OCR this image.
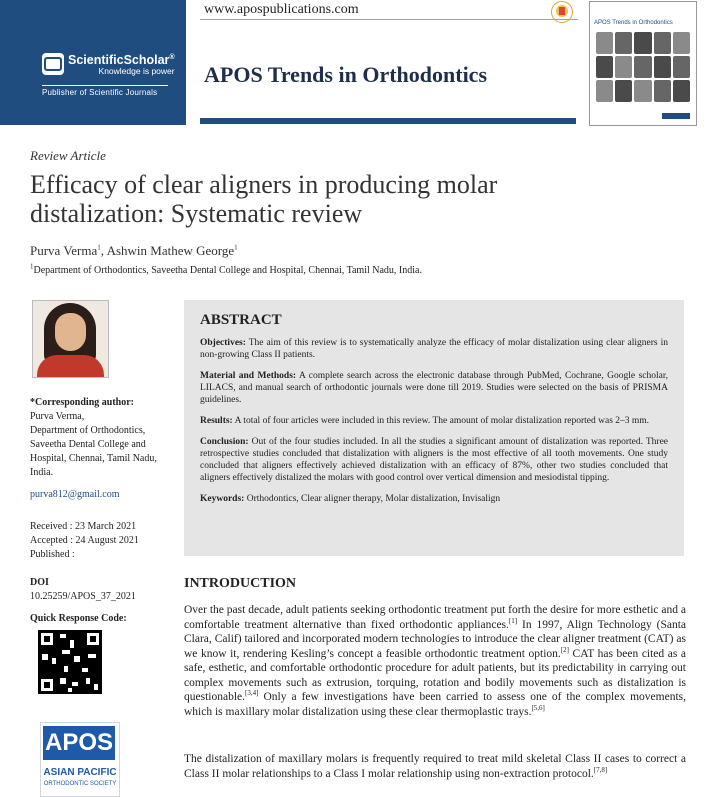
ScientificScholar®
Knowledge is power
Publisher of Scientific Journals
www.apospublications.com
APOS Trends in Orthodontics
APOS Trends in Orthodontics
Review Article
Efficacy of clear aligners in producing molar distalization: Systematic review
Purva Verma$^1$, Ashwin Mathew George$^1$
$^1$Department of Orthodontics, Saveetha Dental College and Hospital, Chennai, Tamil Nadu, India.
*Corresponding author:
Purva Verma,
Department of Orthodontics,
Saveetha Dental College and
Hospital, Chennai, Tamil Nadu,
India.
purva812@gmail.com
Received : 23 March 2021
Accepted : 24 August 2021
Published :
DOI
10.25259/APOS_37_2021
Quick Response Code:
APOS
ASIAN PACIFIC
ORTHODONTIC SOCIETY
ABSTRACT

Objectives: The aim of this review is to systematically analyze the efficacy of molar distalization using clear aligners in non-growing Class II patients.

Material and Methods: A complete search across the electronic database through PubMed, Cochrane, Google scholar, LILACS, and manual search of orthodontic journals were done till 2019. Studies were selected on the basis of PRISMA guidelines.

Results: A total of four articles were included in this review. The amount of molar distalization reported was 2–3 mm.

Conclusion: Out of the four studies included. In all the studies a significant amount of distalization was reported. Three retrospective studies concluded that distalization with aligners is the most effective of all tooth movements. One study concluded that aligners effectively achieved distalization with an efficacy of 87%, other two studies concluded that aligners effectively distalized the molars with good control over vertical dimension and mesiodistal tipping.

Keywords: Orthodontics, Clear aligner therapy, Molar distalization, Invisalign

INTRODUCTION

Over the past decade, adult patients seeking orthodontic treatment put forth the desire for more esthetic and a comfortable treatment alternative than fixed orthodontic appliances.[1] In 1997, Align Technology (Santa Clara, Calif) tailored and incorporated modern technologies to introduce the clear aligner treatment (CAT) as we know it, rendering Kesling’s concept a feasible orthodontic treatment option.[2] CAT has been cited as a safe, esthetic, and comfortable orthodontic procedure for adult patients, but its predictability in carrying out complex movements such as extrusion, torquing, rotation and bodily movements such as distalization is questionable.[3,4] Only a few investigations have been carried to assess one of the complex movements, which is maxillary molar distalization using these clear thermoplastic trays.[5,6]

The distalization of maxillary molars is frequently required to treat mild skeletal Class II cases to correct a Class II molar relationships to a Class I molar relationship using non-extraction protocol.[7,8]
